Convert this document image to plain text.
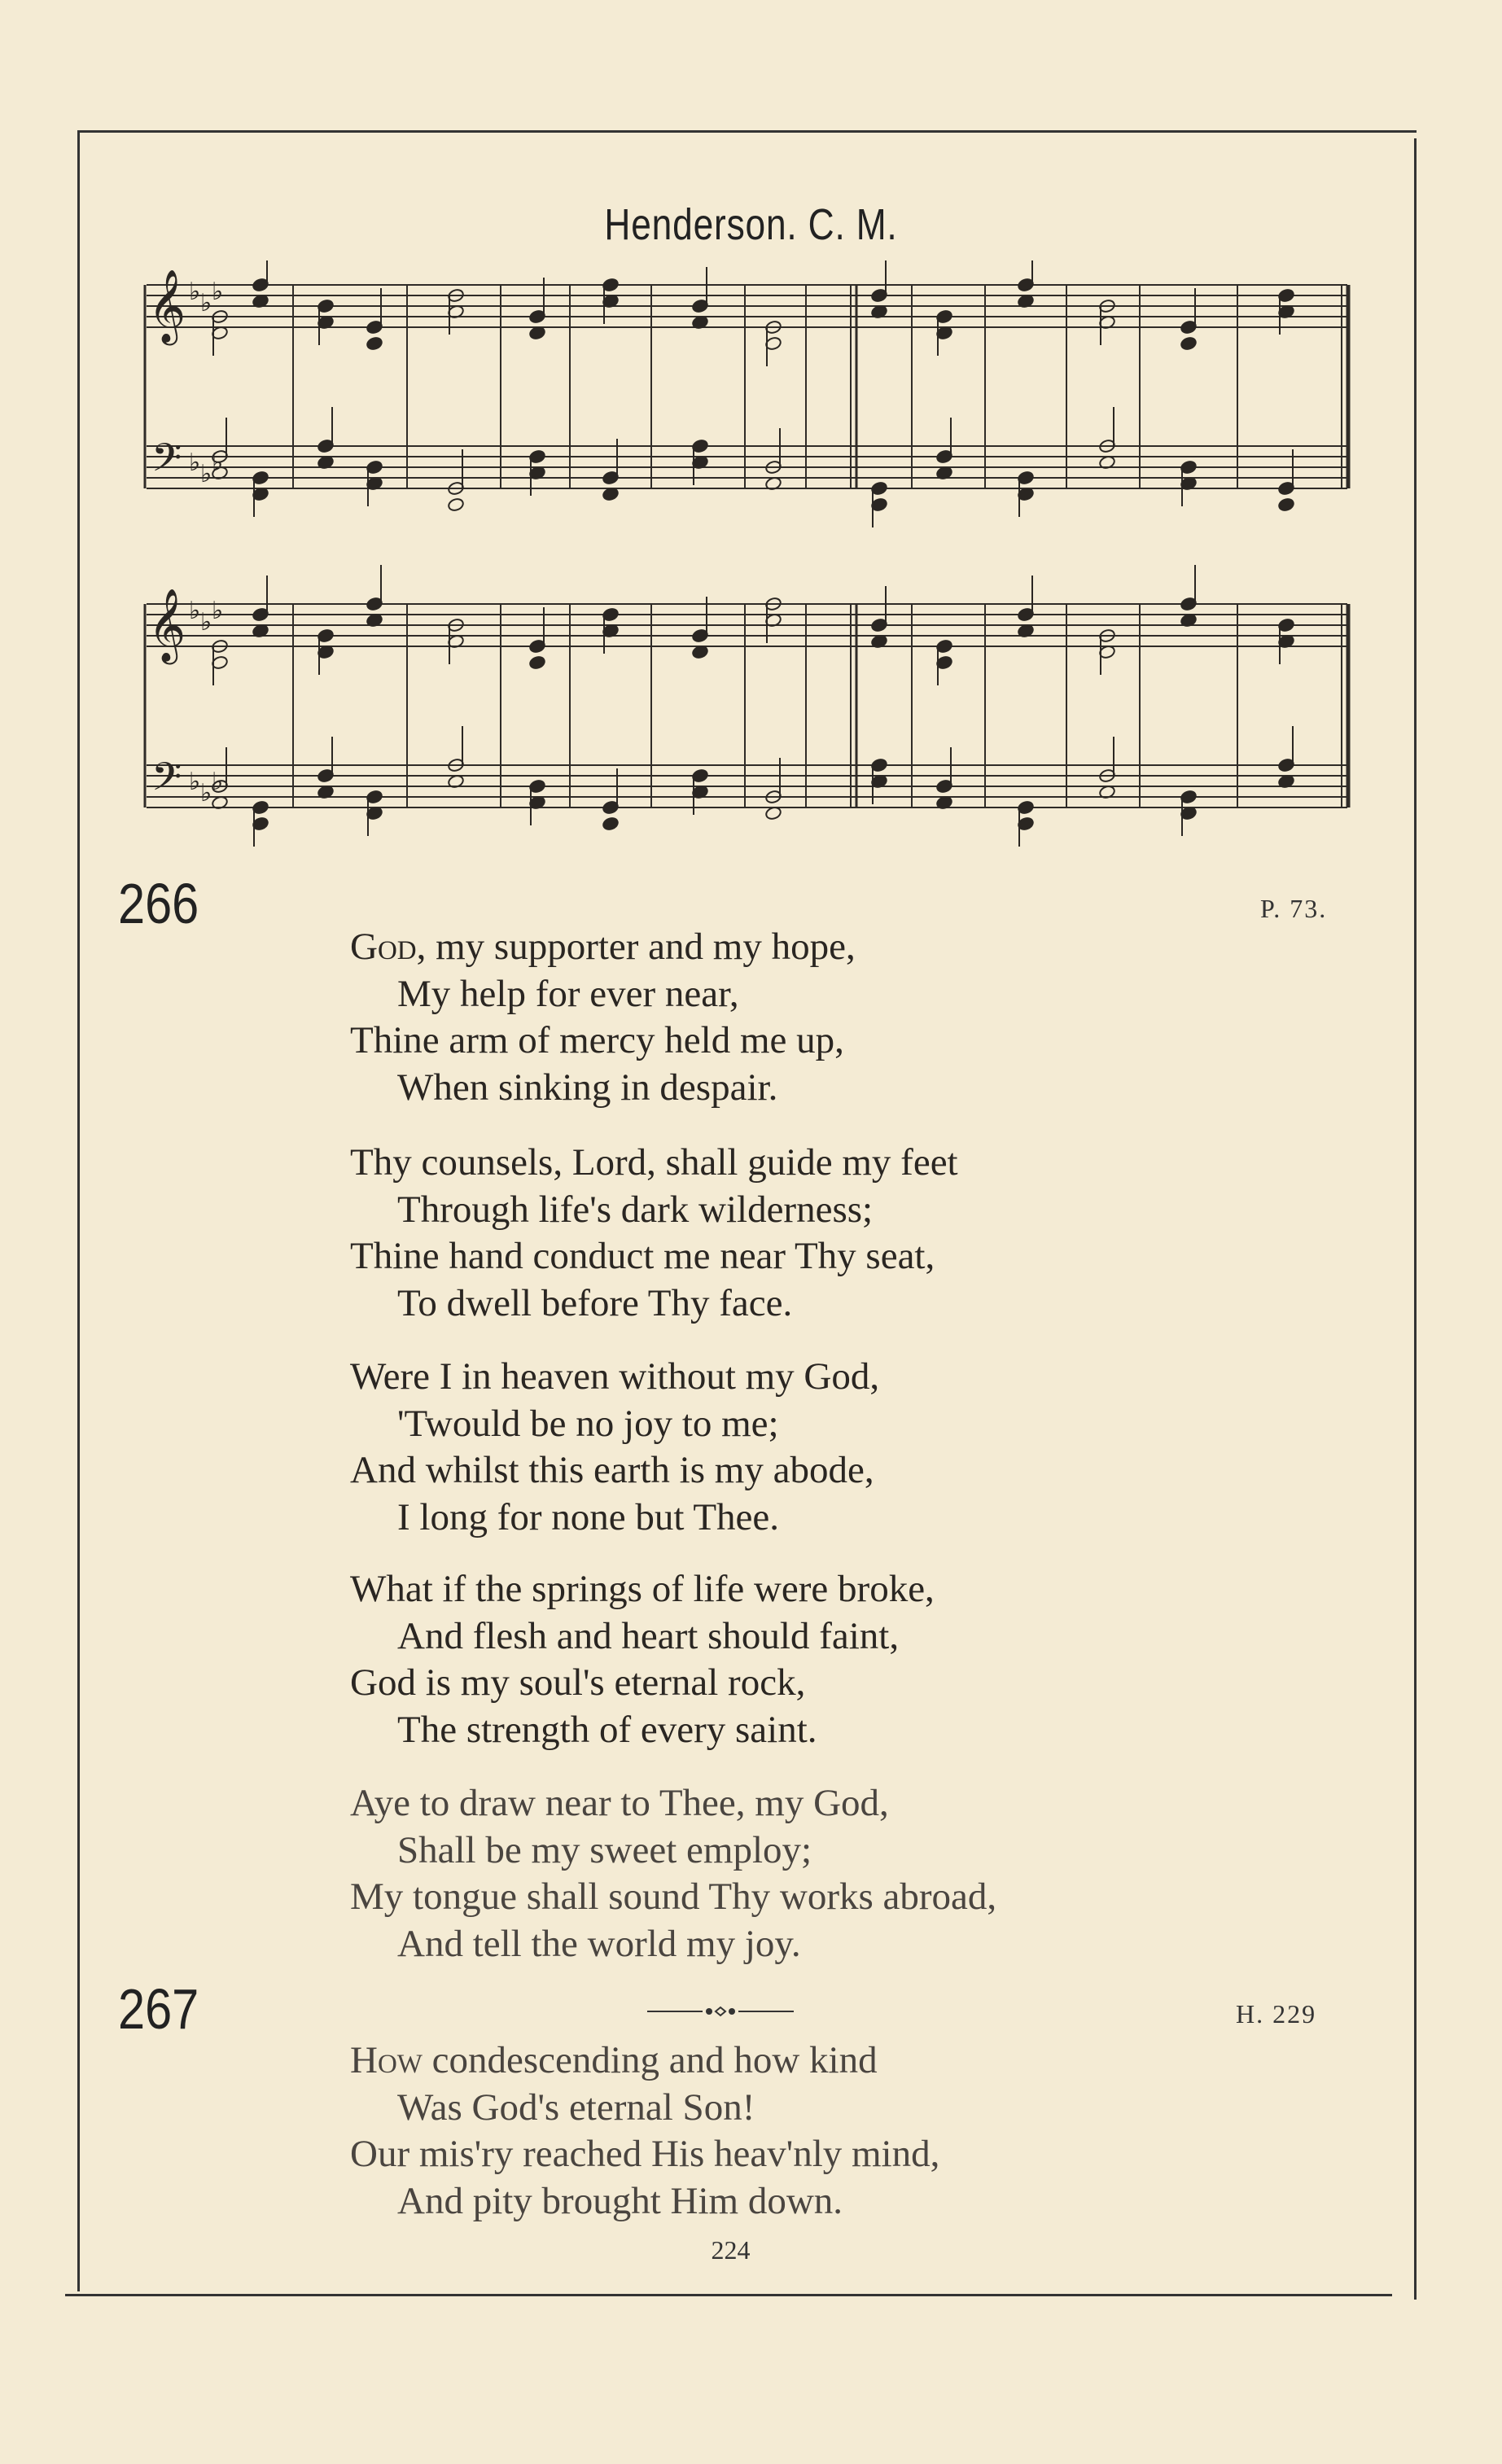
Henderson. C. M.
𝄞
𝄢
♭
♭
♭
♭
♭
♭
𝄞
𝄢
♭
♭
♭
♭
♭
♭
266	P. 73.
God, my supporter and my hope,
My help for ever near,
Thine arm of mercy held me up,
When sinking in despair.
Thy counsels, Lord, shall guide my feet
Through life's dark wilderness;
Thine hand conduct me near Thy seat,
To dwell before Thy face.
Were I in heaven without my God,
'Twould be no joy to me;
And whilst this earth is my abode,
I long for none but Thee.
What if the springs of life were broke,
And flesh and heart should faint,
God is my soul's eternal rock,
The strength of every saint.
Aye to draw near to Thee, my God,
Shall be my sweet employ;
My tongue shall sound Thy works abroad,
And tell the world my joy.
267	H. 229
How condescending and how kind
Was God's eternal Son!
Our mis'ry reached His heav'nly mind,
And pity brought Him down.
224
